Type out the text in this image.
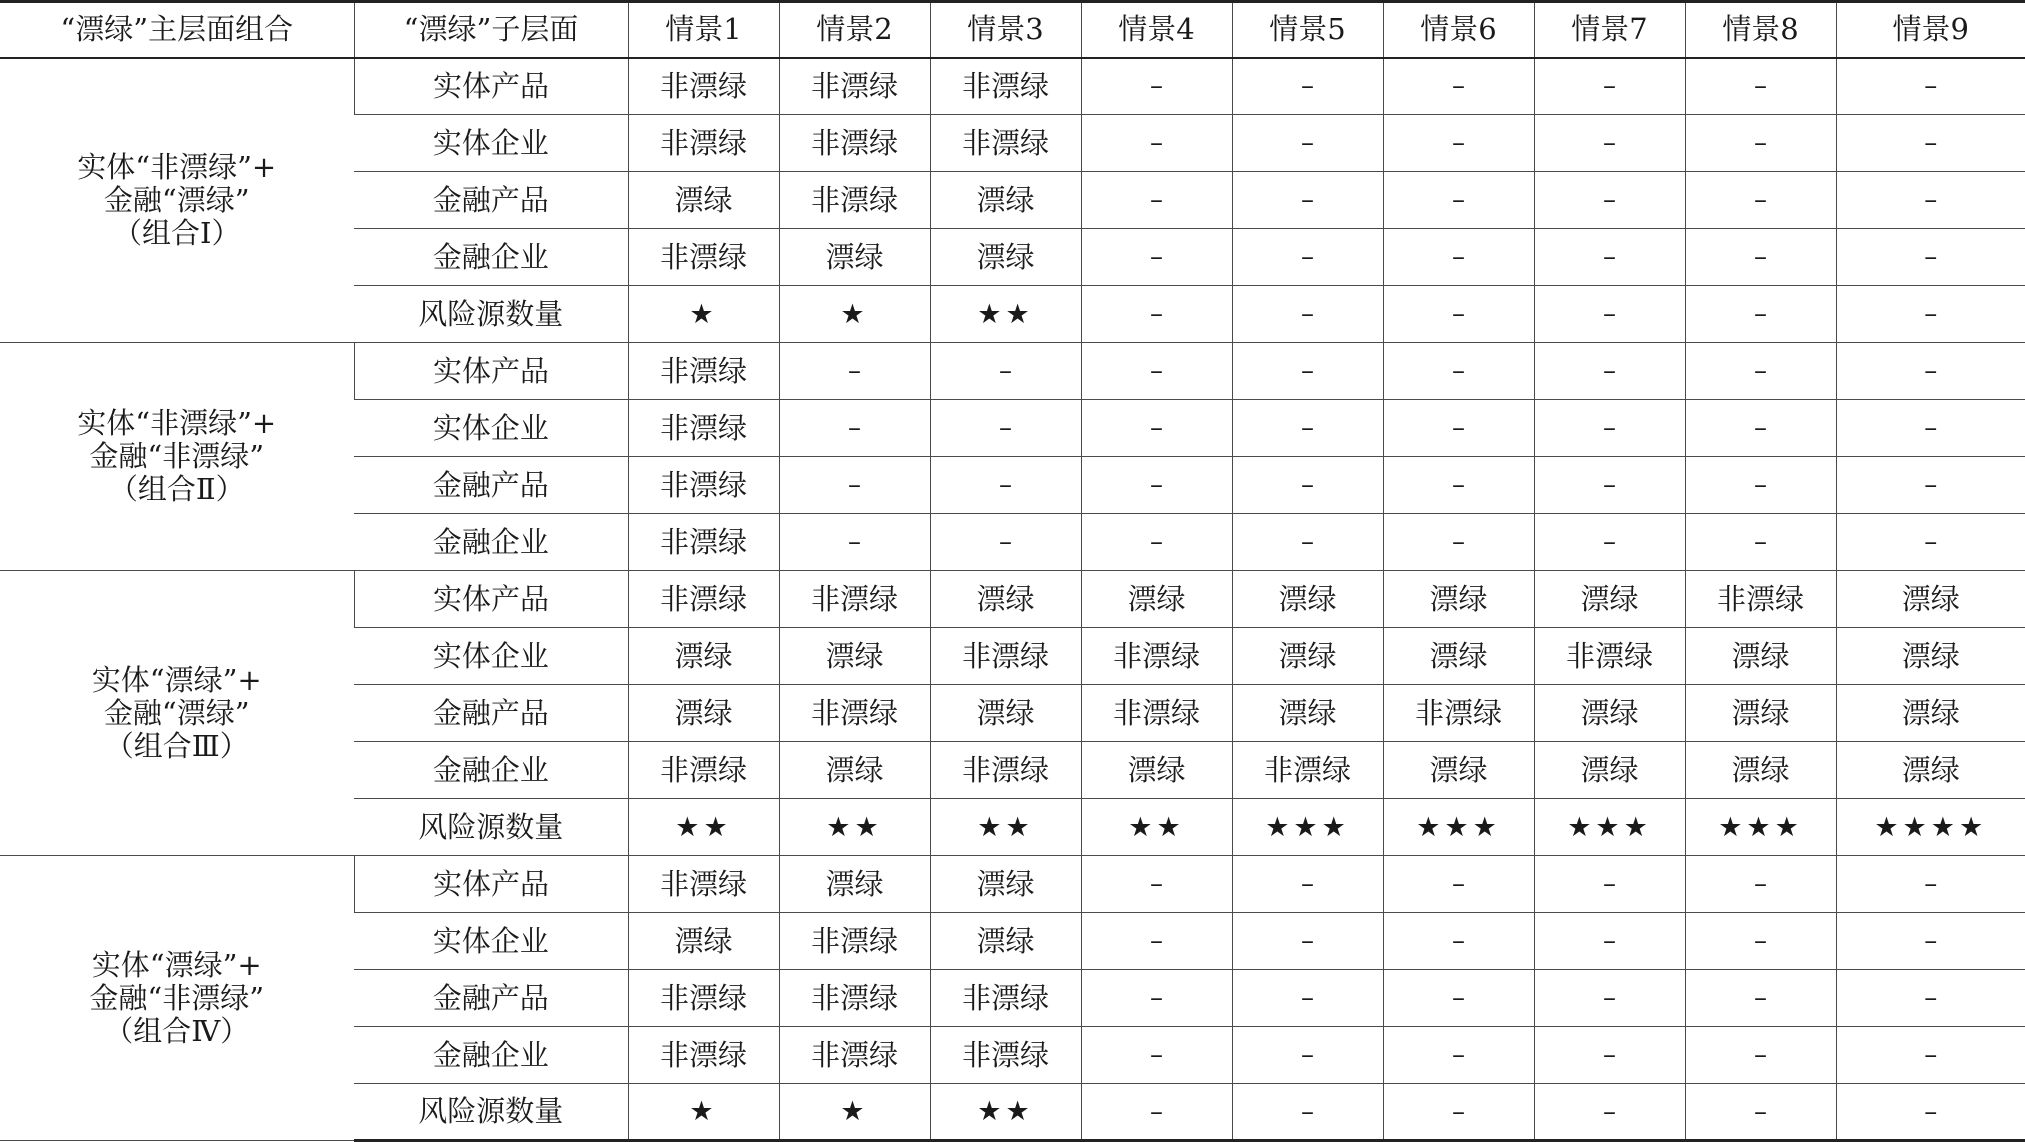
“漂绿”主层面组合	“漂绿”子层面	情景1	情景2	情景3	情景4	情景5	情景6	情景7	情景8	情景9

实体“非漂绿”+
金融“漂绿”
（组合Ⅰ）	实体产品	非漂绿	非漂绿	非漂绿	–	–	–	–	–	–
	实体企业	非漂绿	非漂绿	非漂绿	–	–	–	–	–	–
	金融产品	漂绿	非漂绿	漂绿	–	–	–	–	–	–
	金融企业	非漂绿	漂绿	漂绿	–	–	–	–	–	–
	风险源数量	★	★	★★	–	–	–	–	–	–

实体“非漂绿”+
金融“非漂绿”
（组合Ⅱ）	实体产品	非漂绿	–	–	–	–	–	–	–	–
	实体企业	非漂绿	–	–	–	–	–	–	–	–
	金融产品	非漂绿	–	–	–	–	–	–	–	–
	金融企业	非漂绿	–	–	–	–	–	–	–	–

实体“漂绿”+
金融“漂绿”
（组合Ⅲ）	实体产品	非漂绿	非漂绿	漂绿	漂绿	漂绿	漂绿	漂绿	非漂绿	漂绿
	实体企业	漂绿	漂绿	非漂绿	非漂绿	漂绿	漂绿	非漂绿	漂绿	漂绿
	金融产品	漂绿	非漂绿	漂绿	非漂绿	漂绿	非漂绿	漂绿	漂绿	漂绿
	金融企业	非漂绿	漂绿	非漂绿	漂绿	非漂绿	漂绿	漂绿	漂绿	漂绿
	风险源数量	★★	★★	★★	★★	★★★	★★★	★★★	★★★	★★★★

实体“漂绿”+
金融“非漂绿”
（组合Ⅳ）	实体产品	非漂绿	漂绿	漂绿	–	–	–	–	–	–
	实体企业	漂绿	非漂绿	漂绿	–	–	–	–	–	–
	金融产品	非漂绿	非漂绿	非漂绿	–	–	–	–	–	–
	金融企业	非漂绿	非漂绿	非漂绿	–	–	–	–	–	–
	风险源数量	★	★	★★	–	–	–	–	–	–
